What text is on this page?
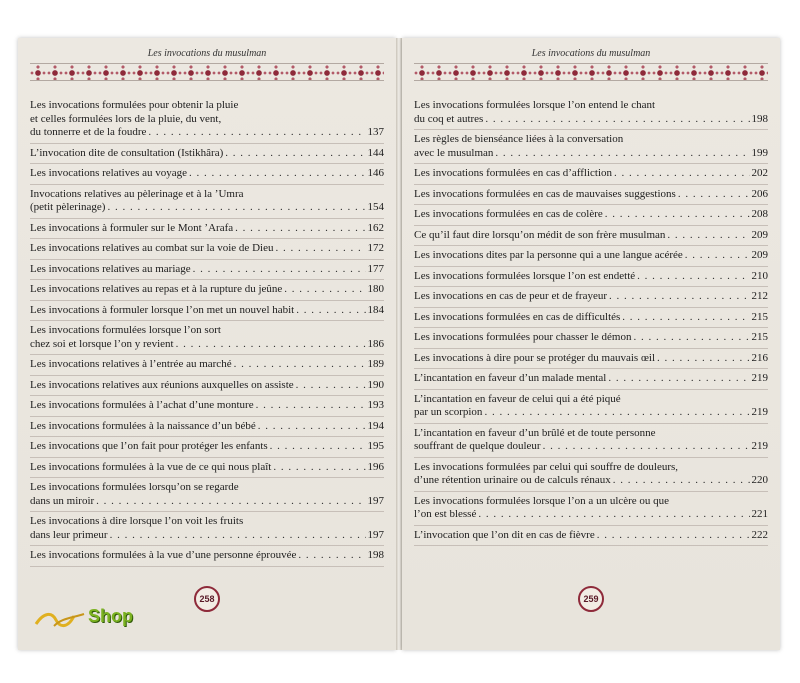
Les invocations du musulman
Les invocations formulées pour obtenir la pluie
et celles formulées lors de la pluie, du vent,
du tonnerre et de la foudre . . .	137
L’invocation dite de consultation (Istikhâra) . . .	144
Les invocations relatives au voyage . . .	146
Invocations relatives au pèlerinage et à la ’Umra
(petit pèlerinage) . . .	154
Les invocations à formuler sur le Mont ’Arafa . . .	162
Les invocations relatives au combat sur la voie de Dieu . . .	172
Les invocations relatives au mariage . . .	177
Les invocations relatives au repas et à la rupture du jeûne . . .	180
Les invocations à formuler lorsque l’on met un nouvel habit . . .	184
Les invocations formulées lorsque l’on sort
chez soi et lorsque l’on y revient . . .	186
Les invocations relatives à l’entrée au marché . . .	189
Les invocations relatives aux réunions auxquelles on assiste . . .	190
Les invocations formulées à l’achat d’une monture . . .	193
Les invocations formulées à la naissance d’un bébé . . .	194
Les invocations que l’on fait pour protéger les enfants . . .	195
Les invocations formulées à la vue de ce qui nous plaît . . .	196
Les invocations formulées lorsqu’on se regarde
dans un miroir . . .	197
Les invocations à dire lorsque l’on voit les fruits
dans leur primeur . . .	197
Les invocations formulées à la vue d’une personne éprouvée . . .	198
258
Les invocations du musulman
Les invocations formulées lorsque l’on entend le chant
du coq et autres . . .	198
Les règles de bienséance liées à la conversation
avec le musulman . . .	199
Les invocations formulées en cas d’affliction . . .	202
Les invocations formulées en cas de mauvaises suggestions . . .	206
Les invocations formulées en cas de colère . . .	208
Ce qu’il faut dire lorsqu’on médit de son frère musulman . . .	209
Les invocations dites par la personne qui a une langue acérée . . .	209
Les invocations formulées lorsque l’on est endetté . . .	210
Les invocations en cas de peur et de frayeur . . .	212
Les invocations formulées en cas de difficultés . . .	215
Les invocations formulées pour chasser le démon . . .	215
Les invocations à dire pour se protéger du mauvais œil . . .	216
L’incantation en faveur d’un malade mental . . .	219
L’incantation en faveur de celui qui a été piqué
par un scorpion . . .	219
L’incantation en faveur d’un brûlé et de toute personne
souffrant de quelque douleur . . .	219
Les invocations formulées par celui qui souffre de douleurs,
d’une rétention urinaire ou de calculs rénaux . . .	220
Les invocations formulées lorsque l’on a un ulcère ou que
l’on est blessé . . .	221
L’invocation que l’on dit en cas de fièvre . . .	222
259
Shop
